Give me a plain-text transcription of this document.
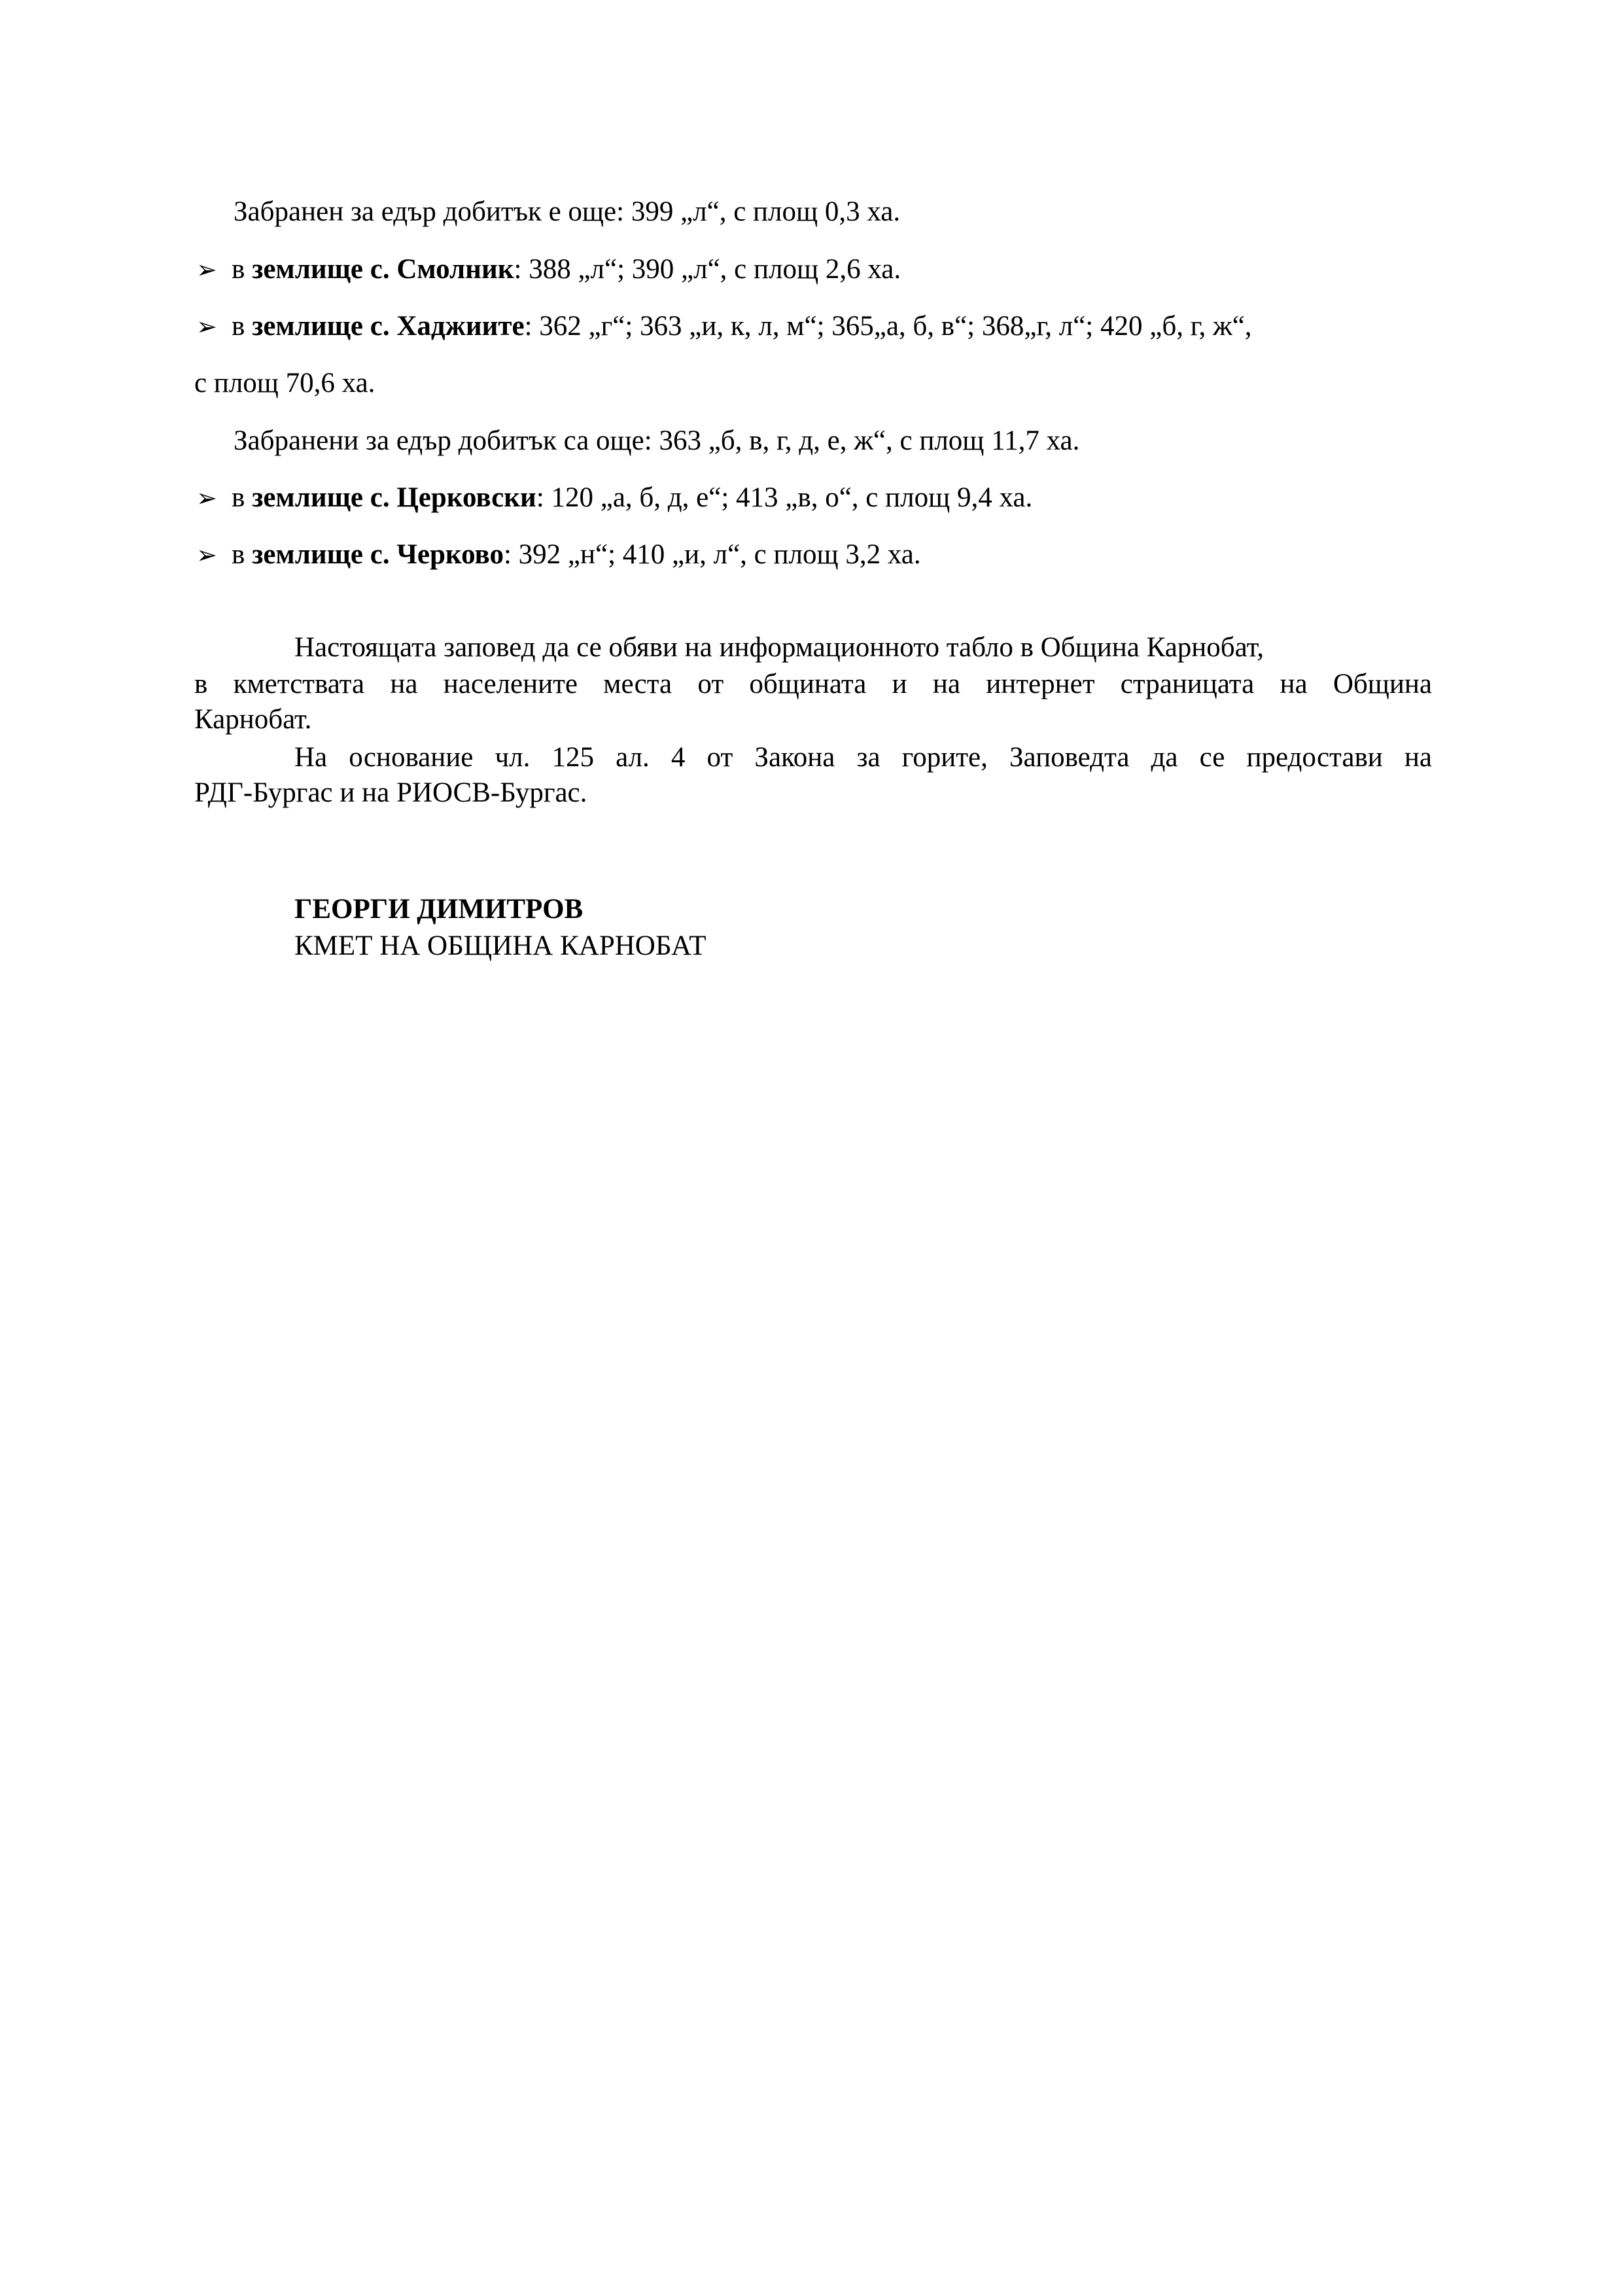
Забранен за едър добитък е още: 399 „л“, с площ 0,3 ха.
➢ в землище с. Смолник: 388 „л“; 390 „л“, с площ 2,6 ха.
➢ в землище с. Хаджиите: 362 „г“; 363 „и, к, л, м“; 365„а, б, в“; 368„г, л“; 420 „б, г, ж“,
с площ 70,6 ха.
Забранени за едър добитък са още: 363 „б, в, г, д, е, ж“, с площ 11,7 ха.
➢ в землище с. Церковски: 120 „а, б, д, е“; 413 „в, о“, с площ 9,4 ха.
➢ в землище с. Черково: 392 „н“; 410 „и, л“, с площ 3,2 ха.
Настоящата заповед да се обяви на информационното табло в Община Карнобат,
в кметствата на населените места от общината и на интернет страницата на Община
Карнобат.
На основание чл. 125 ал. 4 от Закона за горите, Заповедта да се предостави на
РДГ-Бургас и на РИОСВ-Бургас.
ГЕОРГИ ДИМИТРОВ
КМЕТ НА ОБЩИНА КАРНОБАТ
